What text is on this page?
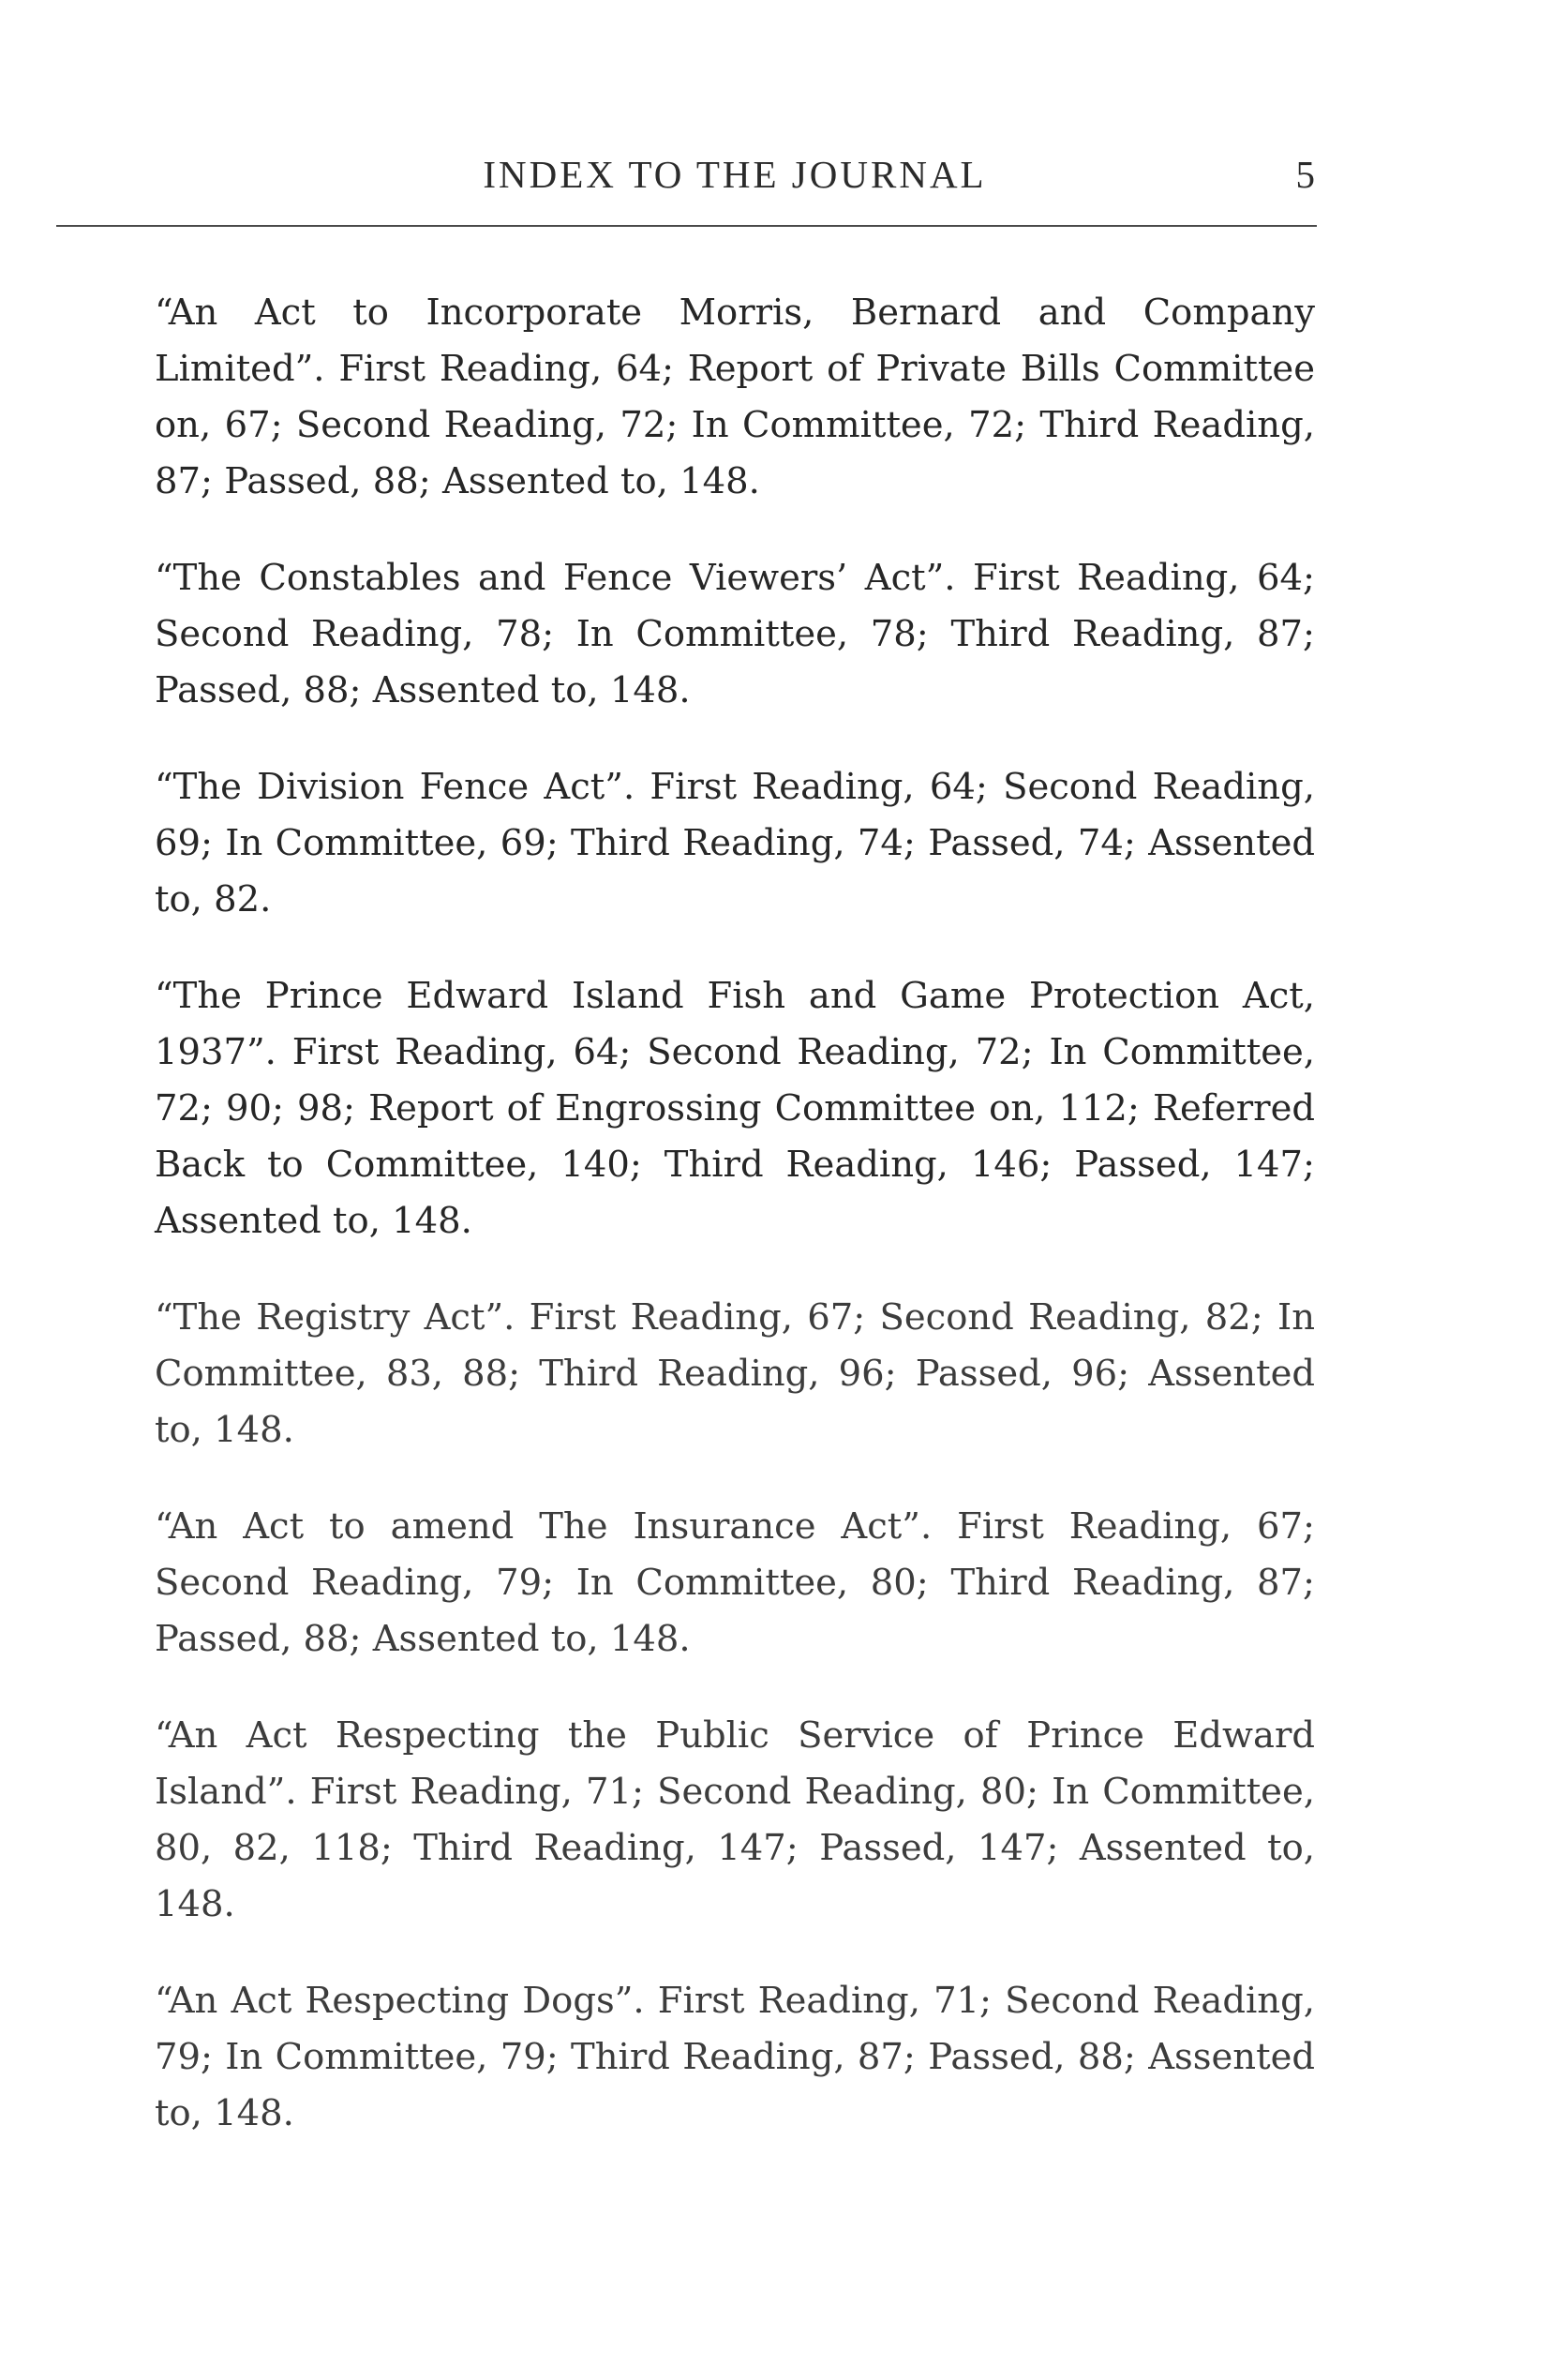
INDEX TO THE JOURNAL	5

“An Act to Incorporate Morris, Bernard and Company Limited”. First Reading, 64; Report of Private Bills Committee on, 67; Second Reading, 72; In Committee, 72; Third Reading, 87; Passed, 88; Assented to, 148.

“The Constables and Fence Viewers’ Act”. First Reading, 64; Second Reading, 78; In Committee, 78; Third Reading, 87; Passed, 88; Assented to, 148.

“The Division Fence Act”. First Reading, 64; Second Reading, 69; In Committee, 69; Third Reading, 74; Passed, 74; Assented to, 82.

“The Prince Edward Island Fish and Game Protection Act, 1937”. First Reading, 64; Second Reading, 72; In Committee, 72; 90; 98; Report of Engrossing Committee on, 112; Referred Back to Committee, 140; Third Reading, 146; Passed, 147; Assented to, 148.

“The Registry Act”. First Reading, 67; Second Reading, 82; In Committee, 83, 88; Third Reading, 96; Passed, 96; Assented to, 148.

“An Act to amend The Insurance Act”. First Reading, 67; Second Reading, 79; In Committee, 80; Third Reading, 87; Passed, 88; Assented to, 148.

“An Act Respecting the Public Service of Prince Edward Island”. First Reading, 71; Second Reading, 80; In Committee, 80, 82, 118; Third Reading, 147; Passed, 147; Assented to, 148.

“An Act Respecting Dogs”. First Reading, 71; Second Reading, 79; In Committee, 79; Third Reading, 87; Passed, 88; Assented to, 148.
